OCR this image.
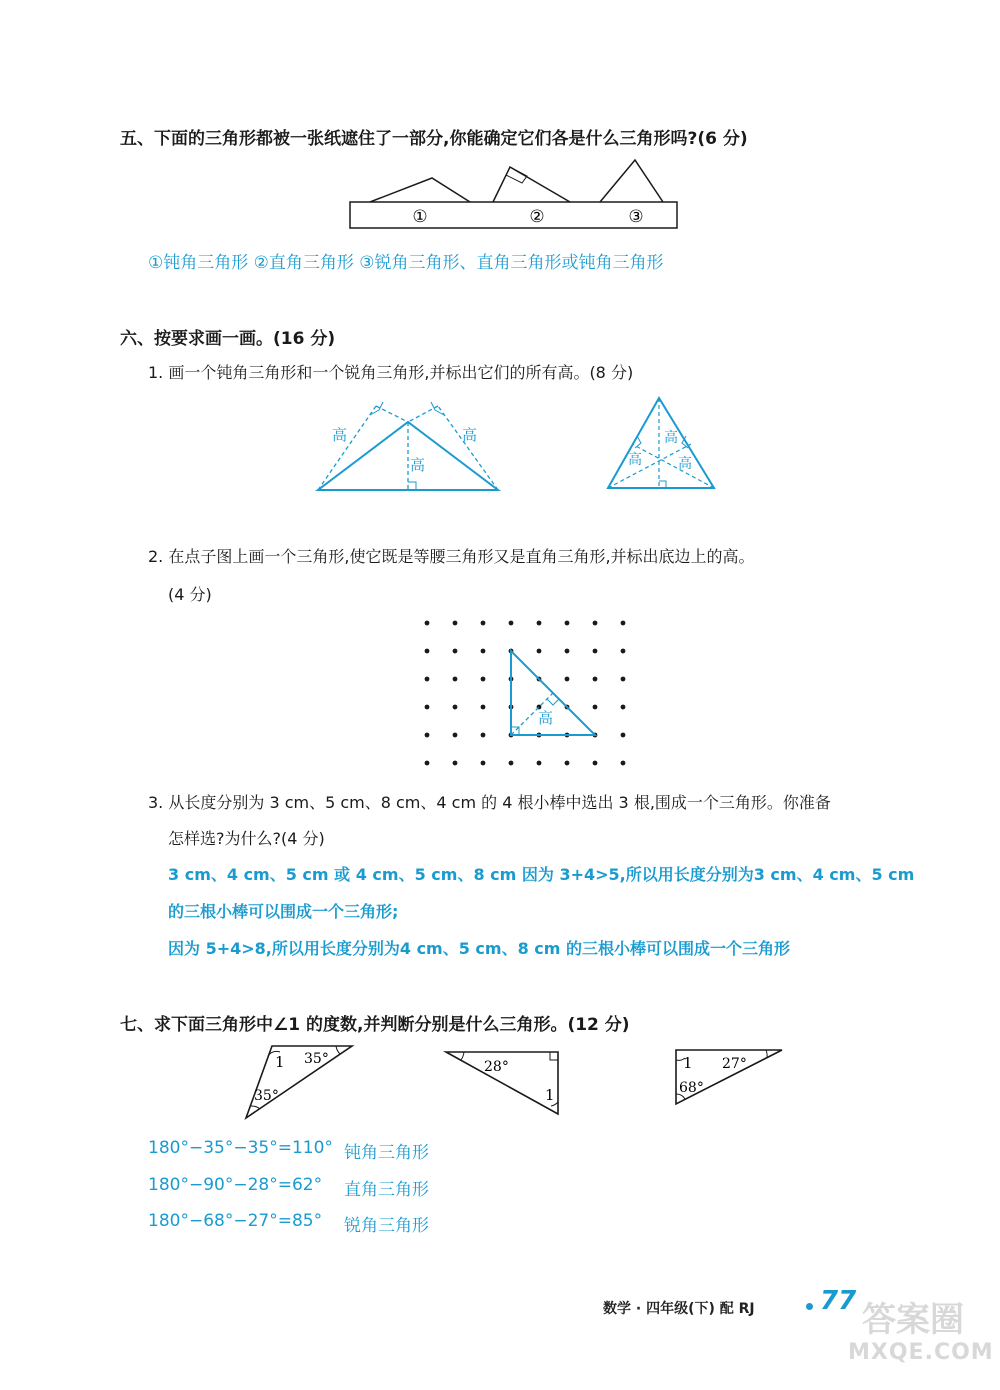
五、下面的三角形都被一张纸遮住了一部分,你能确定它们各是什么三角形吗?(6 分)
①	②	③
①钝角三角形 ②直角三角形 ③锐角三角形、直角三角形或钝角三角形
六、按要求画一画。(16 分)
1. 画一个钝角三角形和一个锐角三角形,并标出它们的所有高。(8 分)
高	高
高
高
高	高
2. 在点子图上画一个三角形,使它既是等腰三角形又是直角三角形,并标出底边上的高。
(4 分)
高
3. 从长度分别为 3 cm、5 cm、8 cm、4 cm 的 4 根小棒中选出 3 根,围成一个三角形。你准备
怎样选?为什么?(4 分)
3 cm、4 cm、5 cm 或 4 cm、5 cm、8 cm 因为 3+4>5,所以用长度分别为3 cm、4 cm、5 cm
的三根小棒可以围成一个三角形;
因为 5+4>8,所以用长度分别为4 cm、5 cm、8 cm 的三根小棒可以围成一个三角形
七、求下面三角形中∠1 的度数,并判断分别是什么三角形。(12 分)
1 35°
35°
28°
1
1 27°
68°
180°−35°−35°=110° 钝角三角形
180°−90°−28°=62° 直角三角形
180°−68°−27°=85° 锐角三角形
数学 · 四年级(下) 配 RJ	77 答案圈
MXQE.COM
